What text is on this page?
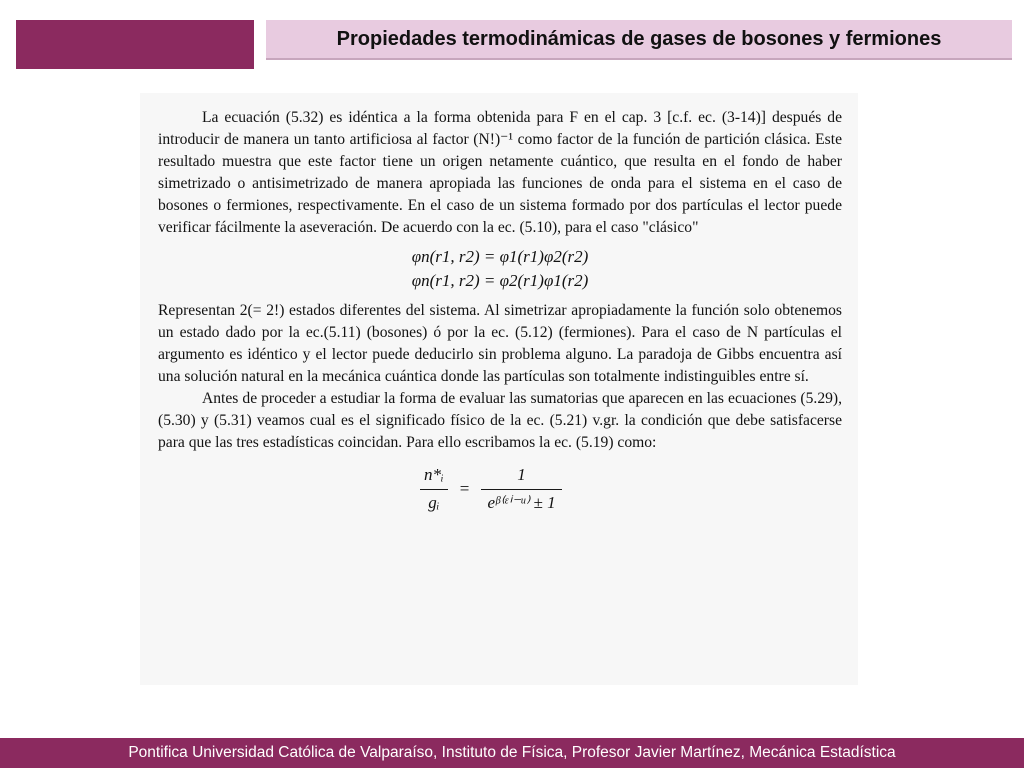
Propiedades termodinámicas de gases de bosones y fermiones

La ecuación (5.32) es idéntica a la forma obtenida para F en el cap. 3 [c.f. ec. (3-14)] después de introducir de manera un tanto artificiosa al factor (N!)⁻¹ como factor de la función de partición clásica. Este resultado muestra que este factor tiene un origen netamente cuántico, que resulta en el fondo de haber simetrizado o antisimetrizado de manera apropiada las funciones de onda para el sistema en el caso de bosones o fermiones, respectivamente. En el caso de un sistema formado por dos partículas el lector puede verificar fácilmente la aseveración. De acuerdo con la ec. (5.10), para el caso "clásico"

φn(r1, r2) = φ1(r1)φ2(r2)
φn(r1, r2) = φ2(r1)φ1(r2)

Representan 2(= 2!) estados diferentes del sistema. Al simetrizar apropiadamente la función solo obtenemos un estado dado por la ec.(5.11) (bosones) ó por la ec. (5.12) (fermiones). Para el caso de N partículas el argumento es idéntico y el lector puede deducirlo sin problema alguno. La paradoja de Gibbs encuentra así una solución natural en la mecánica cuántica donde las partículas son totalmente indistinguibles entre sí.

Antes de proceder a estudiar la forma de evaluar las sumatorias que aparecen en las ecuaciones (5.29), (5.30) y (5.31) veamos cual es el significado físico de la ec. (5.21) v.gr. la condición que debe satisfacerse para que las tres estadísticas coincidan. Para ello escribamos la ec. (5.19) como:

$\frac{\text{n*ᵢ}}{\text{gᵢ}} = \frac{1}{\text{eᵝ⁽ᵋⁱ⁻ᵘ⁾ ± 1}}$
Pontifica Universidad Católica de Valparaíso, Instituto de Física, Profesor Javier Martínez, Mecánica Estadística
